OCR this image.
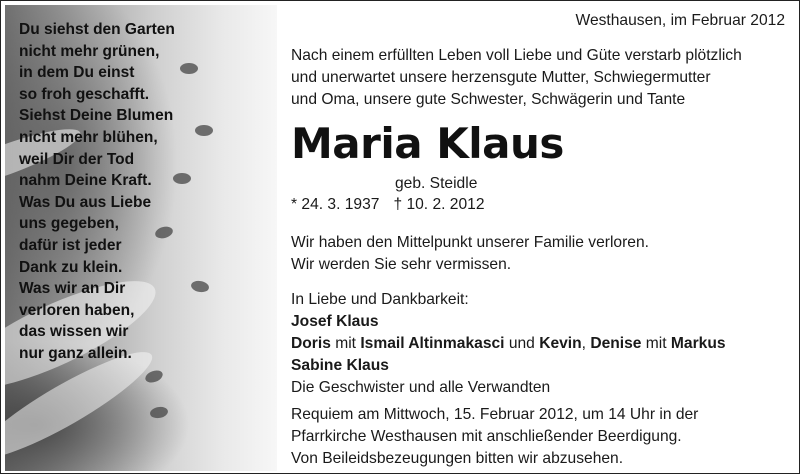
Du siehst den Garten
nicht mehr grünen,
in dem Du einst
so froh geschafft.
Siehst Deine Blumen
nicht mehr blühen,
weil Dir der Tod
nahm Deine Kraft.
Was Du aus Liebe
uns gegeben,
dafür ist jeder
Dank zu klein.
Was wir an Dir
verloren haben,
das wissen wir
nur ganz allein.
Westhausen, im Februar 2012
Nach einem erfüllten Leben voll Liebe und Güte verstarb plötzlich
und unerwartet unsere herzensgute Mutter, Schwiegermutter
und Oma, unsere gute Schwester, Schwägerin und Tante
Maria Klaus
geb. Steidle
* 24. 3. 1937 † 10. 2. 2012
Wir haben den Mittelpunkt unserer Familie verloren.
Wir werden Sie sehr vermissen.
In Liebe und Dankbarkeit:
Josef Klaus
Doris mit Ismail Altinmakasci und Kevin, Denise mit Markus
Sabine Klaus
Die Geschwister und alle Verwandten
Requiem am Mittwoch, 15. Februar 2012, um 14 Uhr in der
Pfarrkirche Westhausen mit anschließender Beerdigung.
Von Beileidsbezeugungen bitten wir abzusehen.
